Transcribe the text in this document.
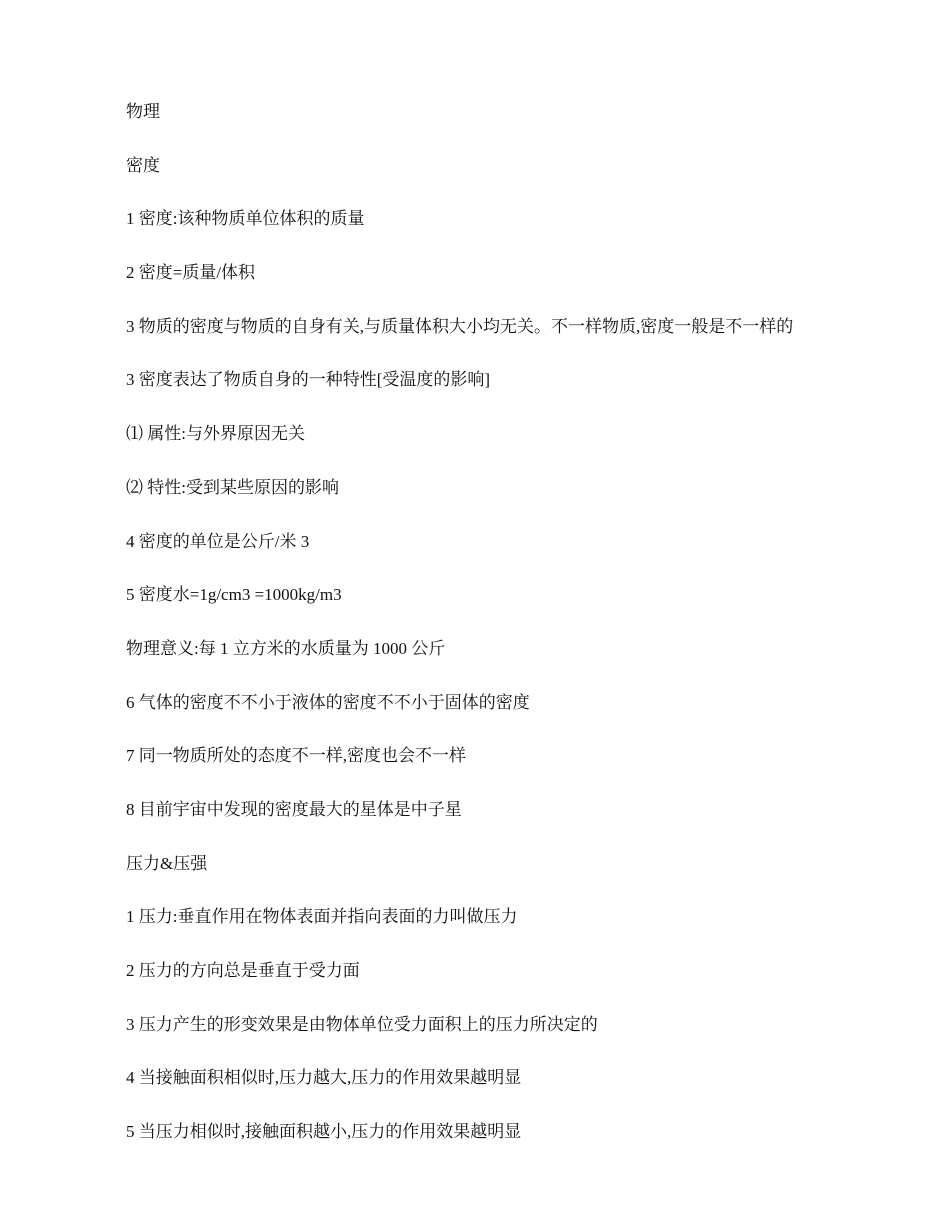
物理
密度
1 密度:该种物质单位体积的质量
2 密度=质量/体积
3 物质的密度与物质的自身有关,与质量体积大小均无关。不一样物质,密度一般是不一样的
3 密度表达了物质自身的一种特性[受温度的影响]
⑴ 属性:与外界原因无关
⑵ 特性:受到某些原因的影响
4 密度的单位是公斤/米 3
5 密度水=1g/cm3 =1000kg/m3
物理意义:每 1 立方米的水质量为 1000 公斤
6 气体的密度不不小于液体的密度不不小于固体的密度
7 同一物质所处的态度不一样,密度也会不一样
8 目前宇宙中发现的密度最大的星体是中子星
压力&压强
1 压力:垂直作用在物体表面并指向表面的力叫做压力
2 压力的方向总是垂直于受力面
3 压力产生的形变效果是由物体单位受力面积上的压力所决定的
4 当接触面积相似时,压力越大,压力的作用效果越明显
5 当压力相似时,接触面积越小,压力的作用效果越明显
